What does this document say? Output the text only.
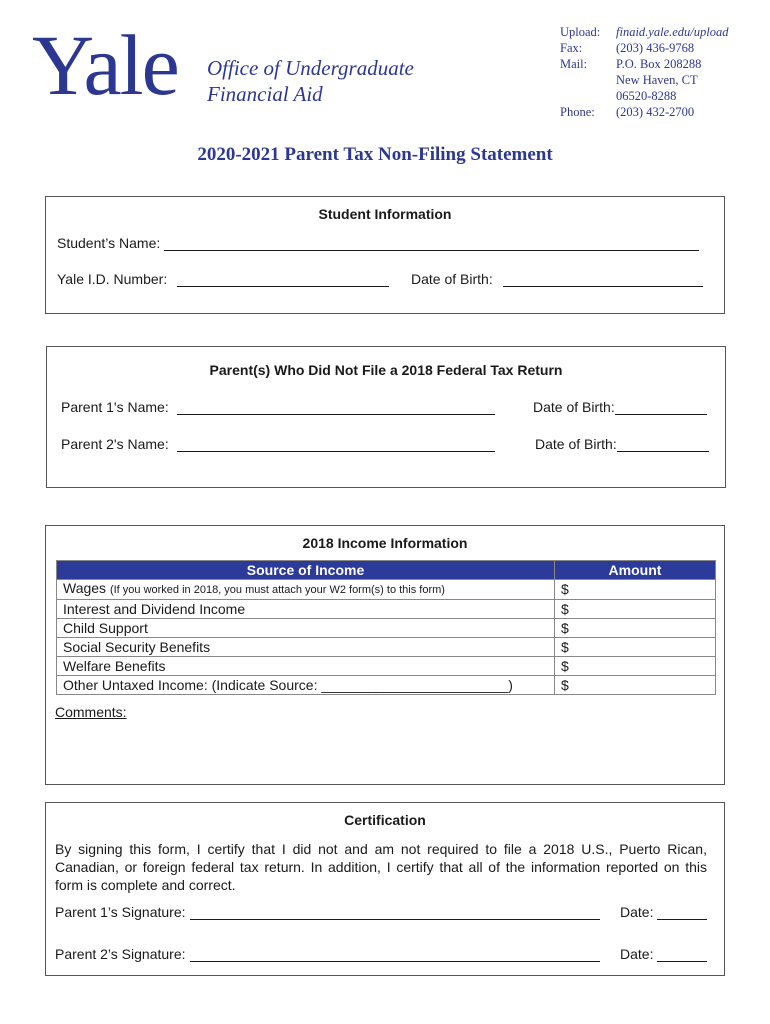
Yale Office of Undergraduate
Financial Aid
Upload:	finaid.yale.edu/upload
Fax:	(203) 436-9768
Mail:	P.O. Box 208288
New Haven, CT
06520-8288
Phone:	(203) 432-2700
2020-2021 Parent Tax Non-Filing Statement
Student Information
Student’s Name:
Yale I.D. Number:	Date of Birth:
Parent(s) Who Did Not File a 2018 Federal Tax Return
Parent 1's Name:	Date of Birth:
Parent 2's Name:	Date of Birth:
2018 Income Information
Comments:
Source of Income	Amount
Wages (If you worked in 2018, you must attach your W2 form(s) to this form)	$
Interest and Dividend Income	$
Child Support	$
Social Security Benefits	$
Welfare Benefits	$
Other Untaxed Income: (Indicate Source: ________________________)	$
Certification
By signing this form, I certify that I did not and am not required to file a 2018 U.S., Puerto Rican, Canadian, or foreign federal tax return. In addition, I certify that all of the information reported on this form is complete and correct.
Parent 1’s Signature:	Date:
Parent 2’s Signature:	Date:
